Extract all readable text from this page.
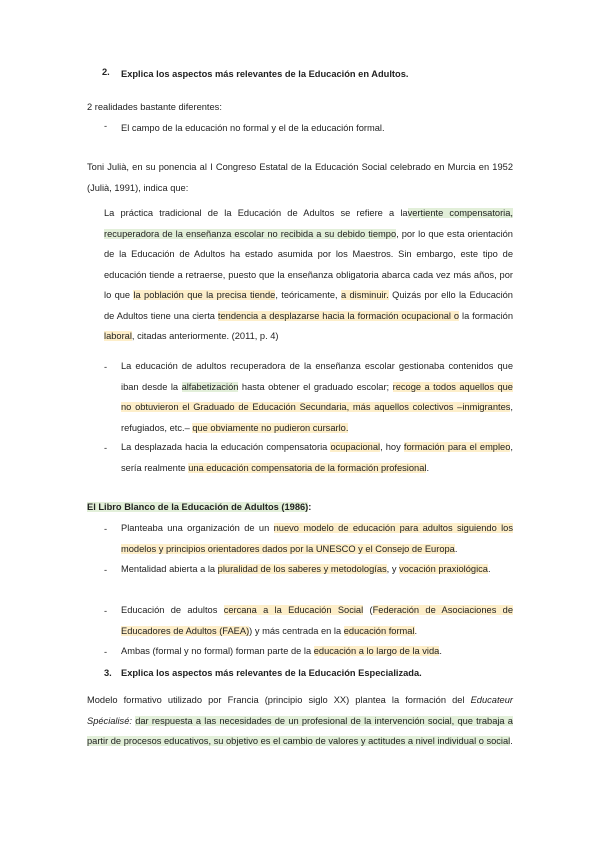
2. Explica los aspectos más relevantes de la Educación en Adultos.
2 realidades bastante diferentes:
- El campo de la educación no formal y el de la educación formal.
Toni Julià, en su ponencia al I Congreso Estatal de la Educación Social celebrado en Murcia en 1952 (Julià, 1991), indica que:
La práctica tradicional de la Educación de Adultos se refiere a lavertiente compensatoria, recuperadora de la enseñanza escolar no recibida a su debido tiempo, por lo que esta orientación de la Educación de Adultos ha estado asumida por los Maestros. Sin embargo, este tipo de educación tiende a retraerse, puesto que la enseñanza obligatoria abarca cada vez más años, por lo que la población que la precisa tiende, teóricamente, a disminuir. Quizás por ello la Educación de Adultos tiene una cierta tendencia a desplazarse hacia la formación ocupacional o la formación laboral, citadas anteriormente. (2011, p. 4)
- La educación de adultos recuperadora de la enseñanza escolar gestionaba contenidos que iban desde la alfabetización hasta obtener el graduado escolar; recoge a todos aquellos que no obtuvieron el Graduado de Educación Secundaria, más aquellos colectivos –inmigrantes, refugiados, etc.– que obviamente no pudieron cursarlo.
- La desplazada hacia la educación compensatoria ocupacional, hoy formación para el empleo, sería realmente una educación compensatoria de la formación profesional.
El Libro Blanco de la Educación de Adultos (1986):
- Planteaba una organización de un nuevo modelo de educación para adultos siguiendo los modelos y principios orientadores dados por la UNESCO y el Consejo de Europa.
- Mentalidad abierta a la pluralidad de los saberes y metodologías, y vocación praxiológica.
- Educación de adultos cercana a la Educación Social (Federación de Asociaciones de Educadores de Adultos (FAEA)) y más centrada en la educación formal.
- Ambas (formal y no formal) forman parte de la educación a lo largo de la vida.
3. Explica los aspectos más relevantes de la Educación Especializada.
Modelo formativo utilizado por Francia (principio siglo XX) plantea la formación del Educateur Spécialisé: dar respuesta a las necesidades de un profesional de la intervención social, que trabaja a partir de procesos educativos, su objetivo es el cambio de valores y actitudes a nivel individual o social.
